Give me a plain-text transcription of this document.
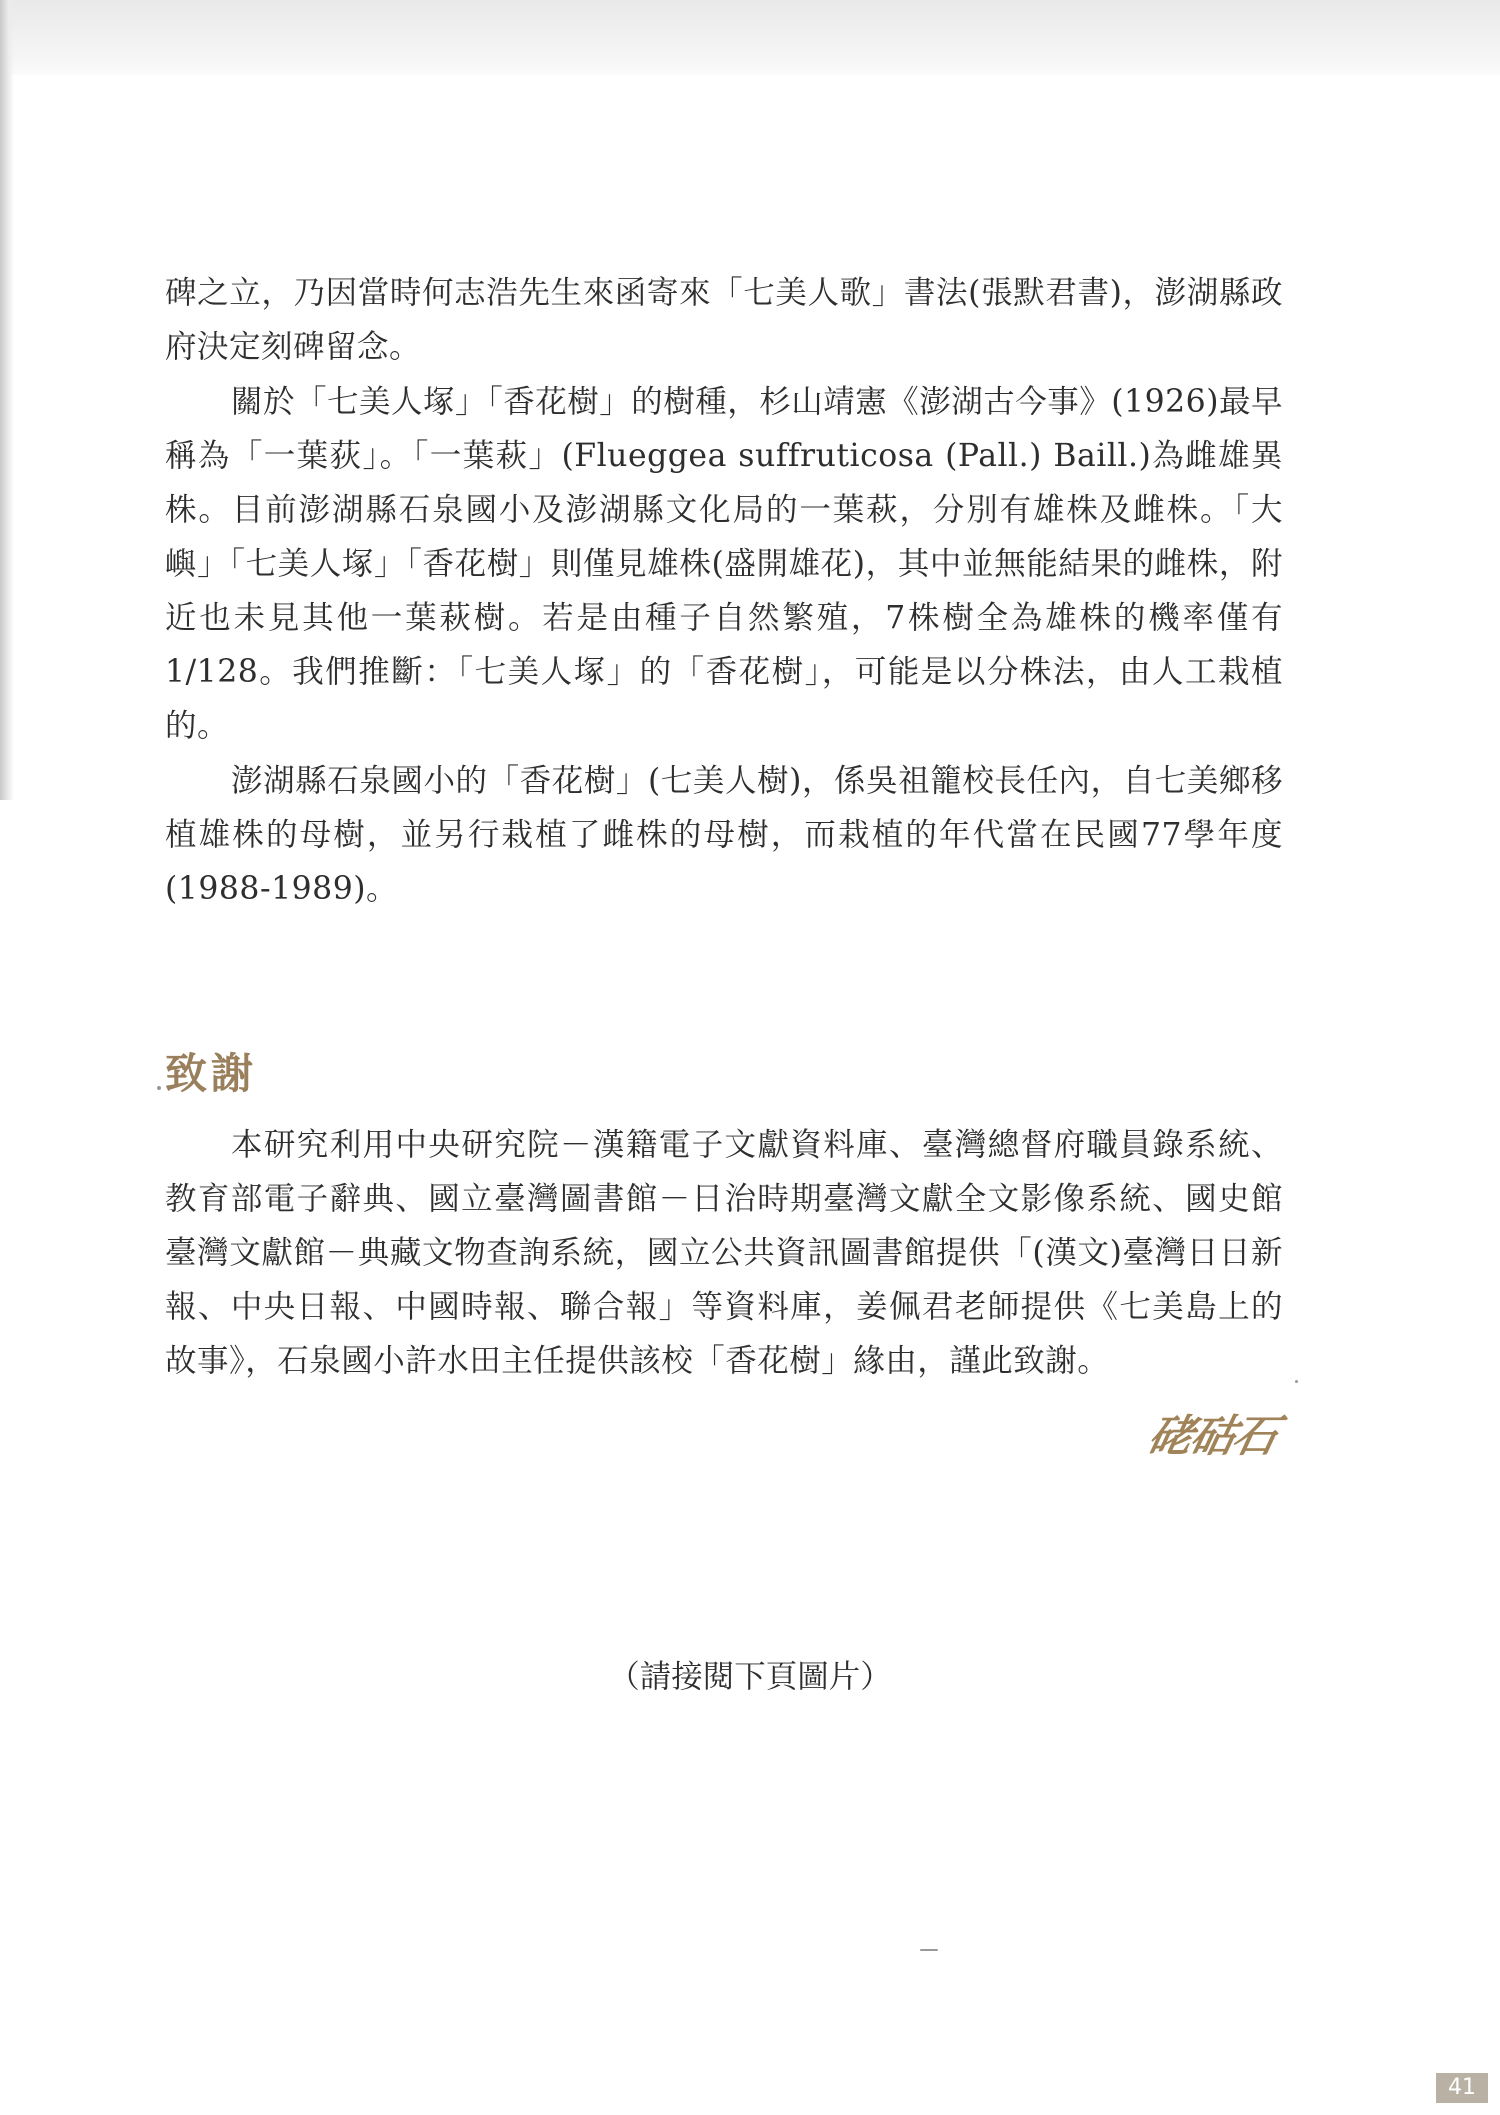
碑之立，乃因當時何志浩先生來函寄來「七美人歌」書法(張默君書)，澎湖縣政府決定刻碑留念。

關於「七美人塚」「香花樹」的樹種，杉山靖憲《澎湖古今事》(1926)最早稱為「一葉荻」。「一葉萩」(Flueggea suffruticosa (Pall.) Baill.)為雌雄異株。目前澎湖縣石泉國小及澎湖縣文化局的一葉萩，分別有雄株及雌株。「大嶼」「七美人塚」「香花樹」則僅見雄株(盛開雄花)，其中並無能結果的雌株，附近也未見其他一葉萩樹。若是由種子自然繁殖，7株樹全為雄株的機率僅有1/128。我們推斷：「七美人塚」的「香花樹」，可能是以分株法，由人工栽植的。

澎湖縣石泉國小的「香花樹」(七美人樹)，係吳祖籠校長任內，自七美鄉移植雄株的母樹，並另行栽植了雌株的母樹，而栽植的年代當在民國77學年度(1988-1989)。

致謝

本研究利用中央研究院－漢籍電子文獻資料庫、臺灣總督府職員錄系統、教育部電子辭典、國立臺灣圖書館－日治時期臺灣文獻全文影像系統、國史館臺灣文獻館－典藏文物查詢系統，國立公共資訊圖書館提供「(漢文)臺灣日日新報、中央日報、中國時報、聯合報」等資料庫，姜佩君老師提供《七美島上的故事》，石泉國小許水田主任提供該校「香花樹」緣由，謹此致謝。

硓𥑮石
（請接閱下頁圖片）
41
